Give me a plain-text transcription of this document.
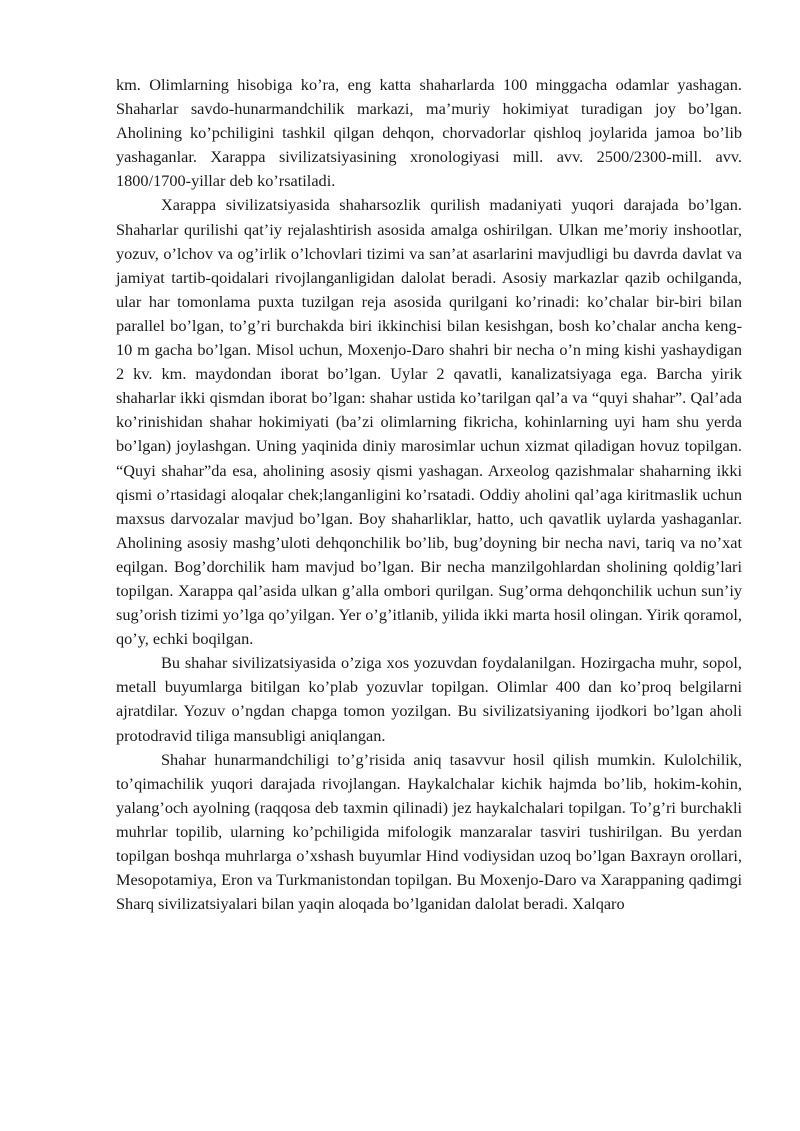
km. Olimlarning hisobiga ko’ra, eng katta shaharlarda 100 minggacha odamlar yashagan. Shaharlar savdo-hunarmandchilik markazi, ma’muriy hokimiyat turadigan joy bo’lgan. Aholining ko’pchiligini tashkil qilgan dehqon, chorvadorlar qishloq joylarida jamoa bo’lib yashaganlar. Xarappa sivilizatsiyasining xronologiyasi mill. avv. 2500/2300-mill. avv. 1800/1700-yillar deb ko’rsatiladi.

Xarappa sivilizatsiyasida shaharsozlik qurilish madaniyati yuqori darajada bo’lgan. Shaharlar qurilishi qat’iy rejalashtirish asosida amalga oshirilgan. Ulkan me’moriy inshootlar, yozuv, o’lchov va og’irlik o’lchovlari tizimi va san’at asarlarini mavjudligi bu davrda davlat va jamiyat tartib-qoidalari rivojlanganligidan dalolat beradi. Asosiy markazlar qazib ochilganda, ular har tomonlama puxta tuzilgan reja asosida qurilgani ko’rinadi: ko’chalar bir-biri bilan parallel bo’lgan, to’g’ri burchakda biri ikkinchisi bilan kesishgan, bosh ko’chalar ancha keng-10 m gacha bo’lgan. Misol uchun, Moxenjo-Daro shahri bir necha o’n ming kishi yashaydigan 2 kv. km. maydondan iborat bo’lgan. Uylar 2 qavatli, kanalizatsiyaga ega. Barcha yirik shaharlar ikki qismdan iborat bo’lgan: shahar ustida ko’tarilgan qal’a va “quyi shahar”. Qal’ada ko’rinishidan shahar hokimiyati (ba’zi olimlarning fikricha, kohinlarning uyi ham shu yerda bo’lgan) joylashgan. Uning yaqinida diniy marosimlar uchun xizmat qiladigan hovuz topilgan. “Quyi shahar”da esa, aholining asosiy qismi yashagan. Arxeolog qazishmalar shaharning ikki qismi o’rtasidagi aloqalar chek;langanligini ko’rsatadi. Oddiy aholini qal’aga kiritmaslik uchun maxsus darvozalar mavjud bo’lgan. Boy shaharliklar, hatto, uch qavatlik uylarda yashaganlar. Aholining asosiy mashg’uloti dehqonchilik bo’lib, bug’doyning bir necha navi, tariq va no’xat eqilgan. Bog’dorchilik ham mavjud bo’lgan. Bir necha manzilgohlardan sholining qoldig’lari topilgan. Xarappa qal’asida ulkan g’alla ombori qurilgan. Sug’orma dehqonchilik uchun sun’iy sug’orish tizimi yo’lga qo’yilgan. Yer o’g’itlanib, yilida ikki marta hosil olingan. Yirik qoramol, qo’y, echki boqilgan.

Bu shahar sivilizatsiyasida o’ziga xos yozuvdan foydalanilgan. Hozirgacha muhr, sopol, metall buyumlarga bitilgan ko’plab yozuvlar topilgan. Olimlar 400 dan ko’proq belgilarni ajratdilar. Yozuv o’ngdan chapga tomon yozilgan. Bu sivilizatsiyaning ijodkori bo’lgan aholi protodravid tiliga mansubligi aniqlangan.

Shahar hunarmandchiligi to’g’risida aniq tasavvur hosil qilish mumkin. Kulolchilik, to’qimachilik yuqori darajada rivojlangan. Haykalchalar kichik hajmda bo’lib, hokim-kohin, yalang’och ayolning (raqqosa deb taxmin qilinadi) jez haykalchalari topilgan. To’g’ri burchakli muhrlar topilib, ularning ko’pchiligida mifologik manzaralar tasviri tushirilgan. Bu yerdan topilgan boshqa muhrlarga o’xshash buyumlar Hind vodiysidan uzoq bo’lgan Baxrayn orollari, Mesopotamiya, Eron va Turkmanistondan topilgan. Bu Moxenjo-Daro va Xarappaning qadimgi Sharq sivilizatsiyalari bilan yaqin aloqada bo’lganidan dalolat beradi. Xalqaro
